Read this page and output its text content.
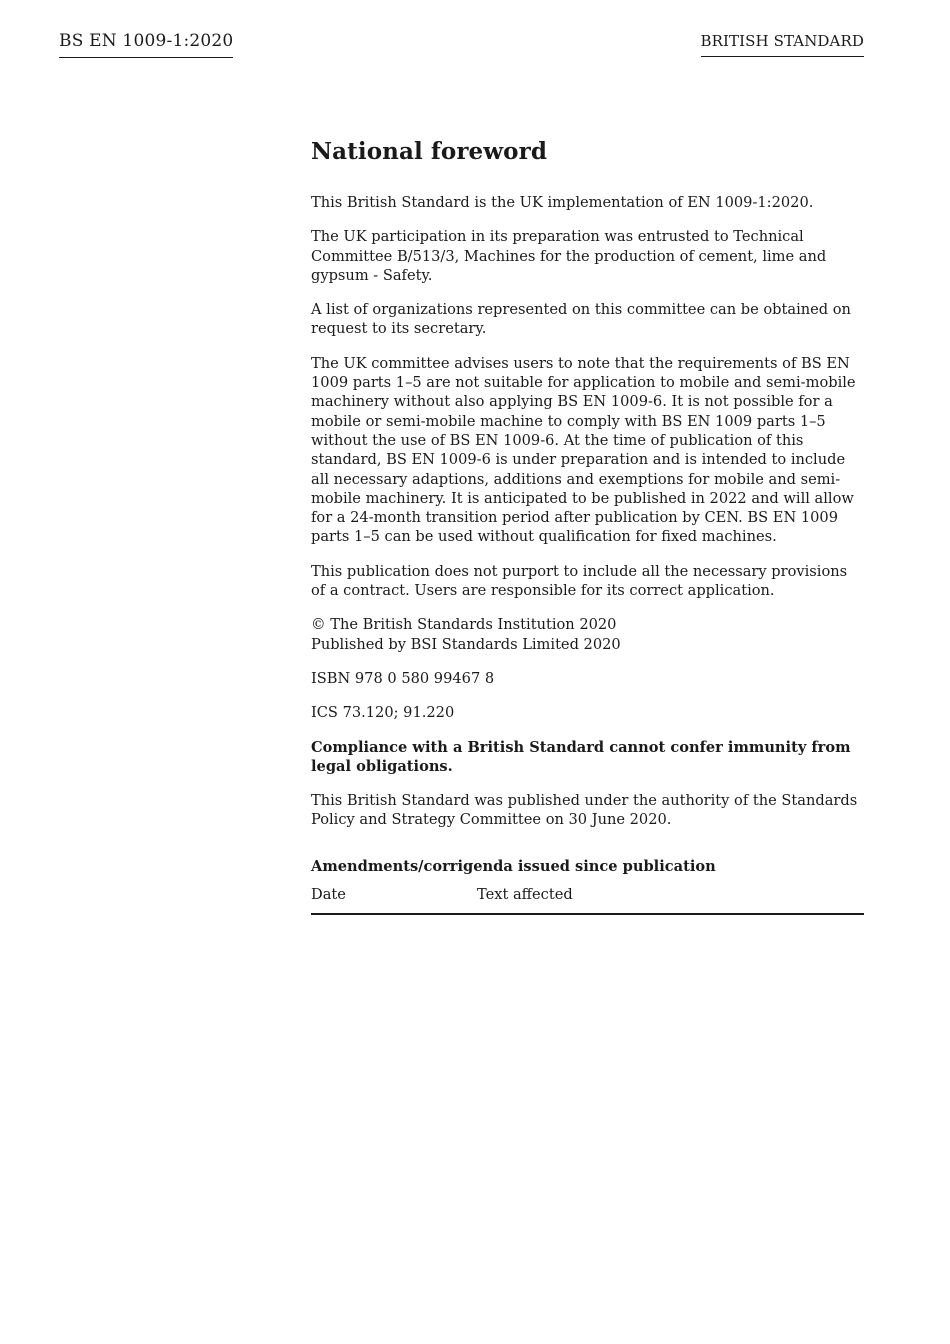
BS EN 1009-1:2020	BRITISH STANDARD
National foreword

This British Standard is the UK implementation of EN 1009-1:2020.

The UK participation in its preparation was entrusted to Technical Committee B/513/3, Machines for the production of cement, lime and gypsum - Safety.

A list of organizations represented on this committee can be obtained on request to its secretary.

The UK committee advises users to note that the requirements of BS EN 1009 parts 1–5 are not suitable for application to mobile and semi-mobile machinery without also applying BS EN 1009-6. It is not possible for a mobile or semi-mobile machine to comply with BS EN 1009 parts 1–5 without the use of BS EN 1009-6. At the time of publication of this standard, BS EN 1009-6 is under preparation and is intended to include all necessary adaptions, additions and exemptions for mobile and semi-mobile machinery. It is anticipated to be published in 2022 and will allow for a 24-month transition period after publication by CEN. BS EN 1009 parts 1–5 can be used without qualification for fixed machines.

This publication does not purport to include all the necessary provisions of a contract. Users are responsible for its correct application.

© The British Standards Institution 2020
Published by BSI Standards Limited 2020

ISBN 978 0 580 99467 8

ICS 73.120; 91.220

Compliance with a British Standard cannot confer immunity from legal obligations.

This British Standard was published under the authority of the Standards Policy and Strategy Committee on 30 June 2020.

Amendments/corrigenda issued since publication
Date	Text affected
